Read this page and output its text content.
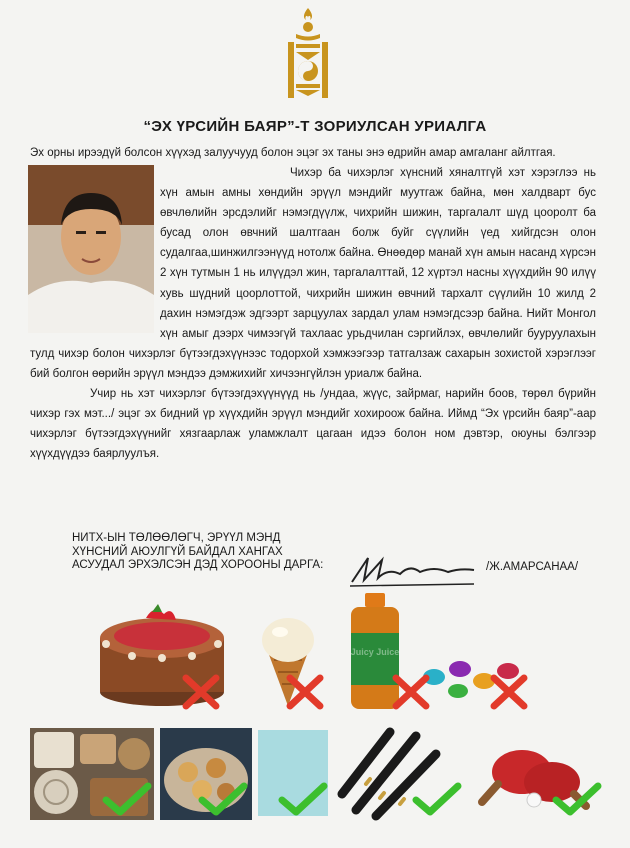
“ЭХ ҮРСИЙН БАЯР”-Т ЗОРИУЛСАН УРИАЛГА
Эх орны ирээдүй болсон хүүхэд залуучууд болон эцэг эх таны энэ өдрийн амар амгаланг айлтгая.

Чихэр ба чихэрлэг хүнсний хяналтгүй хэт хэрэглээ нь хүн амын амны хөндийн эрүүл мэндийг муутгаж байна, мөн халдварт бус өвчлөлийн эрсдэлийг нэмэгдүүлж, чихрийн шижин, таргалалт шүд цооролт ба бусад олон өвчний шалтгаан болж буйг сүүлийн үед хийгдсэн олон судалгаа,шинжилгээнүүд нотолж байна. Өнөөдөр манай хүн амын насанд хүрсэн 2 хүн тутмын 1 нь илүүдэл жин, таргалалттай, 12 хүртэл насны хүүхдийн 90 илүү хувь шүдний цоорлоттой, чихрийн шижин өвчний тархалт сүүлийн 10 жилд 2 дахин нэмэгдэж эдгээрт зарцуулах зардал улам нэмэгдсээр байна. Нийт Монгол хүн амыг дээрх чимээгүй тахлаас урьдчилан сэргийлэх, өвчлөлийг бууруулахын тулд чихэр болон чихэрлэг бүтээгдэхүүнээс тодорхой хэмжээгээр татгалзаж сахарын зохистой хэрэглээг бий болгон өөрийн эрүүл мэндээ дэмжихийг хичээнгүйлэн уриалж байна.

Учир нь хэт чихэрлэг бүтээгдэхүүнүүд нь /ундаа, жүүс, зайрмаг, нарийн боов, төрөл бүрийн чихэр гэх мэт.../ эцэг эх бидний үр хүүхдийн эрүүл мэндийг хохироож байна. Иймд “Эх үрсийн баяр”-аар чихэрлэг бүтээгдэхүүнийг хязгаарлаж уламжлалт цагаан идээ болон ном дэвтэр, оюуны бэлгээр хүүхдүүдээ баярлуулъя.

НИТХ-ЫН ТӨЛӨӨЛӨГЧ, ЭРҮҮЛ МЭНД
ХҮНСНИЙ АЮУЛГҮЙ БАЙДАЛ ХАНГАХ
АСУУДАЛ ЭРХЭЛСЭН ДЭД ХОРООНЫ ДАРГА:	/Ж.АМАРСАНАА/
Juicy Juice
